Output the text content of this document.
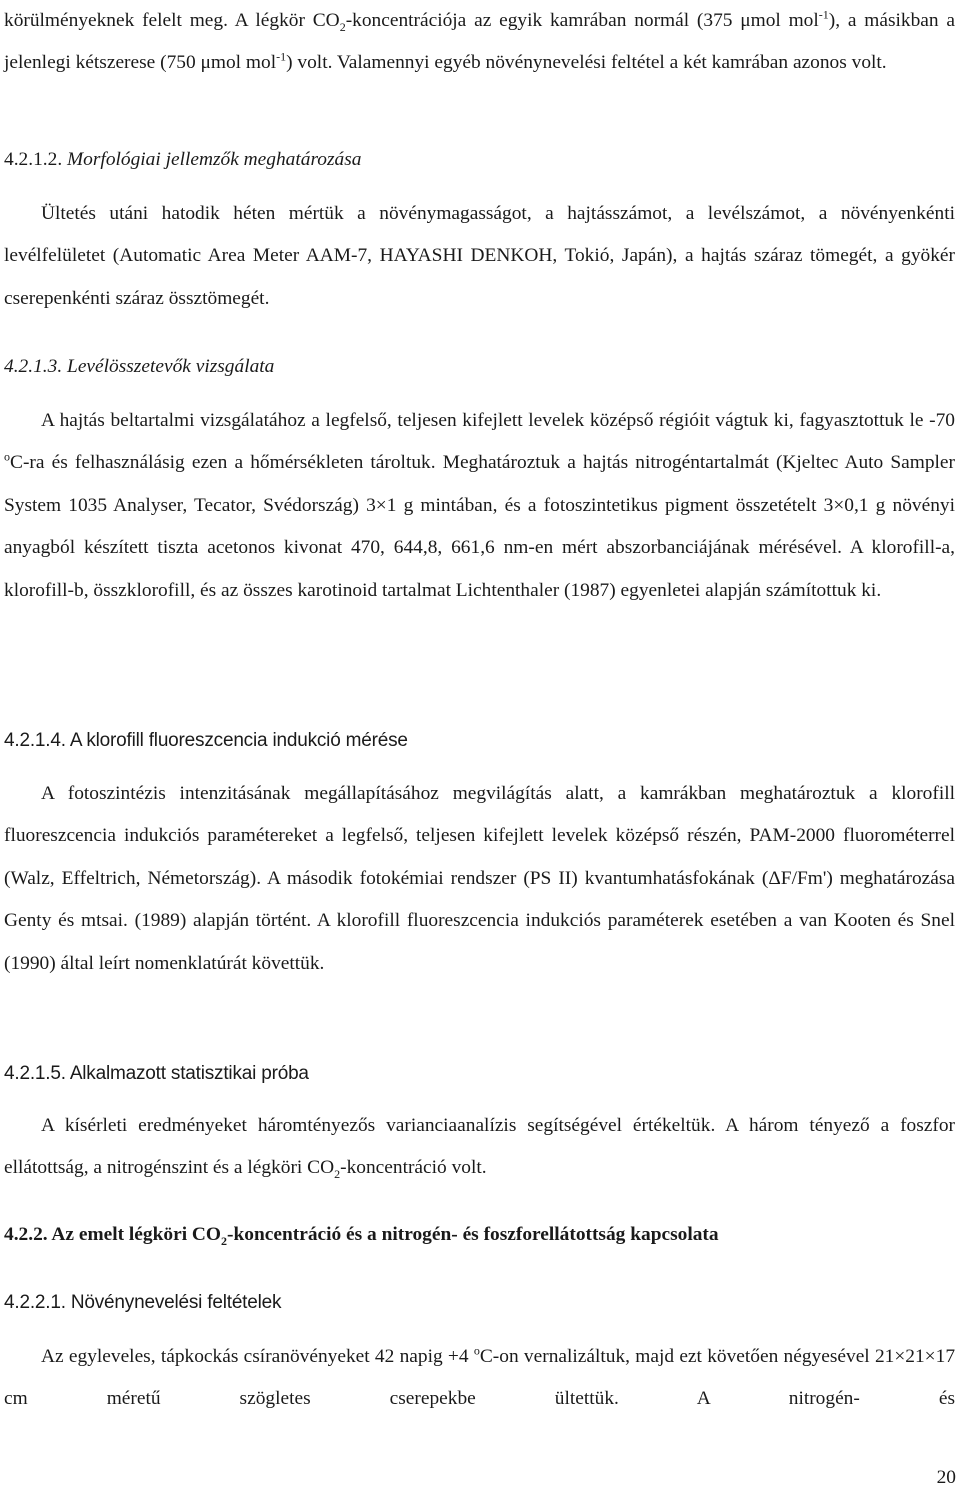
körülményeknek felelt meg. A légkör $CO_2$-koncentrációja az egyik kamrában normál (375 μmol mol$^{-1}$), a másikban a jelenlegi kétszerese (750 μmol mol$^{-1}$) volt. Valamennyi egyéb növénynevelési feltétel a két kamrában azonos volt.

4.2.1.2. Morfológiai jellemzők meghatározása

Ültetés utáni hatodik héten mértük a növénymagasságot, a hajtásszámot, a levélszámot, a növényenkénti levélfelületet (Automatic Area Meter AAM-7, HAYASHI DENKOH, Tokió, Japán), a hajtás száraz tömegét, a gyökér cserepenkénti száraz össztömegét.

4.2.1.3. Levélösszetevők vizsgálata

A hajtás beltartalmi vizsgálatához a legfelső, teljesen kifejlett levelek középső régióit vágtuk ki, fagyasztottuk le -70 $^o$C-ra és felhasználásig ezen a hőmérsékleten tároltuk. Meghatároztuk a hajtás nitrogéntartalmát (Kjeltec Auto Sampler System 1035 Analyser, Tecator, Svédország) 3×1 g mintában, és a fotoszintetikus pigment összetételt 3×0,1 g növényi anyagból készített tiszta acetonos kivonat 470, 644,8, 661,6 nm-en mért abszorbanciájának mérésével. A klorofill-a, klorofill-b, összklorofill, és az összes karotinoid tartalmat Lichtenthaler (1987) egyenletei alapján számítottuk ki.

4.2.1.4. A klorofill fluoreszcencia indukció mérése

A fotoszintézis intenzitásának megállapításához megvilágítás alatt, a kamrákban meghatároztuk a klorofill fluoreszcencia indukciós paramétereket a legfelső, teljesen kifejlett levelek középső részén, PAM-2000 fluorométerrel (Walz, Effeltrich, Németország). A második fotokémiai rendszer (PS II) kvantumhatásfokának (ΔF/Fm') meghatározása Genty és mtsai. (1989) alapján történt. A klorofill fluoreszcencia indukciós paraméterek esetében a van Kooten és Snel (1990) által leírt nomenklatúrát követtük.

4.2.1.5. Alkalmazott statisztikai próba

A kísérleti eredményeket háromtényezős varianciaanalízis segítségével értékeltük. A három tényező a foszfor ellátottság, a nitrogénszint és a légköri $CO_2$-koncentráció volt.

4.2.2. Az emelt légköri $CO_2$-koncentráció és a nitrogén- és foszforellátottság kapcsolata
4.2.2.1. Növénynevelési feltételek

Az egyleveles, tápkockás csíranövényeket 42 napig +4 $^o$C-on vernalizáltuk, majd ezt követően négyesével 21×21×17 cm méretű szögletes cserepekbe ültettük. A nitrogén- és

20
